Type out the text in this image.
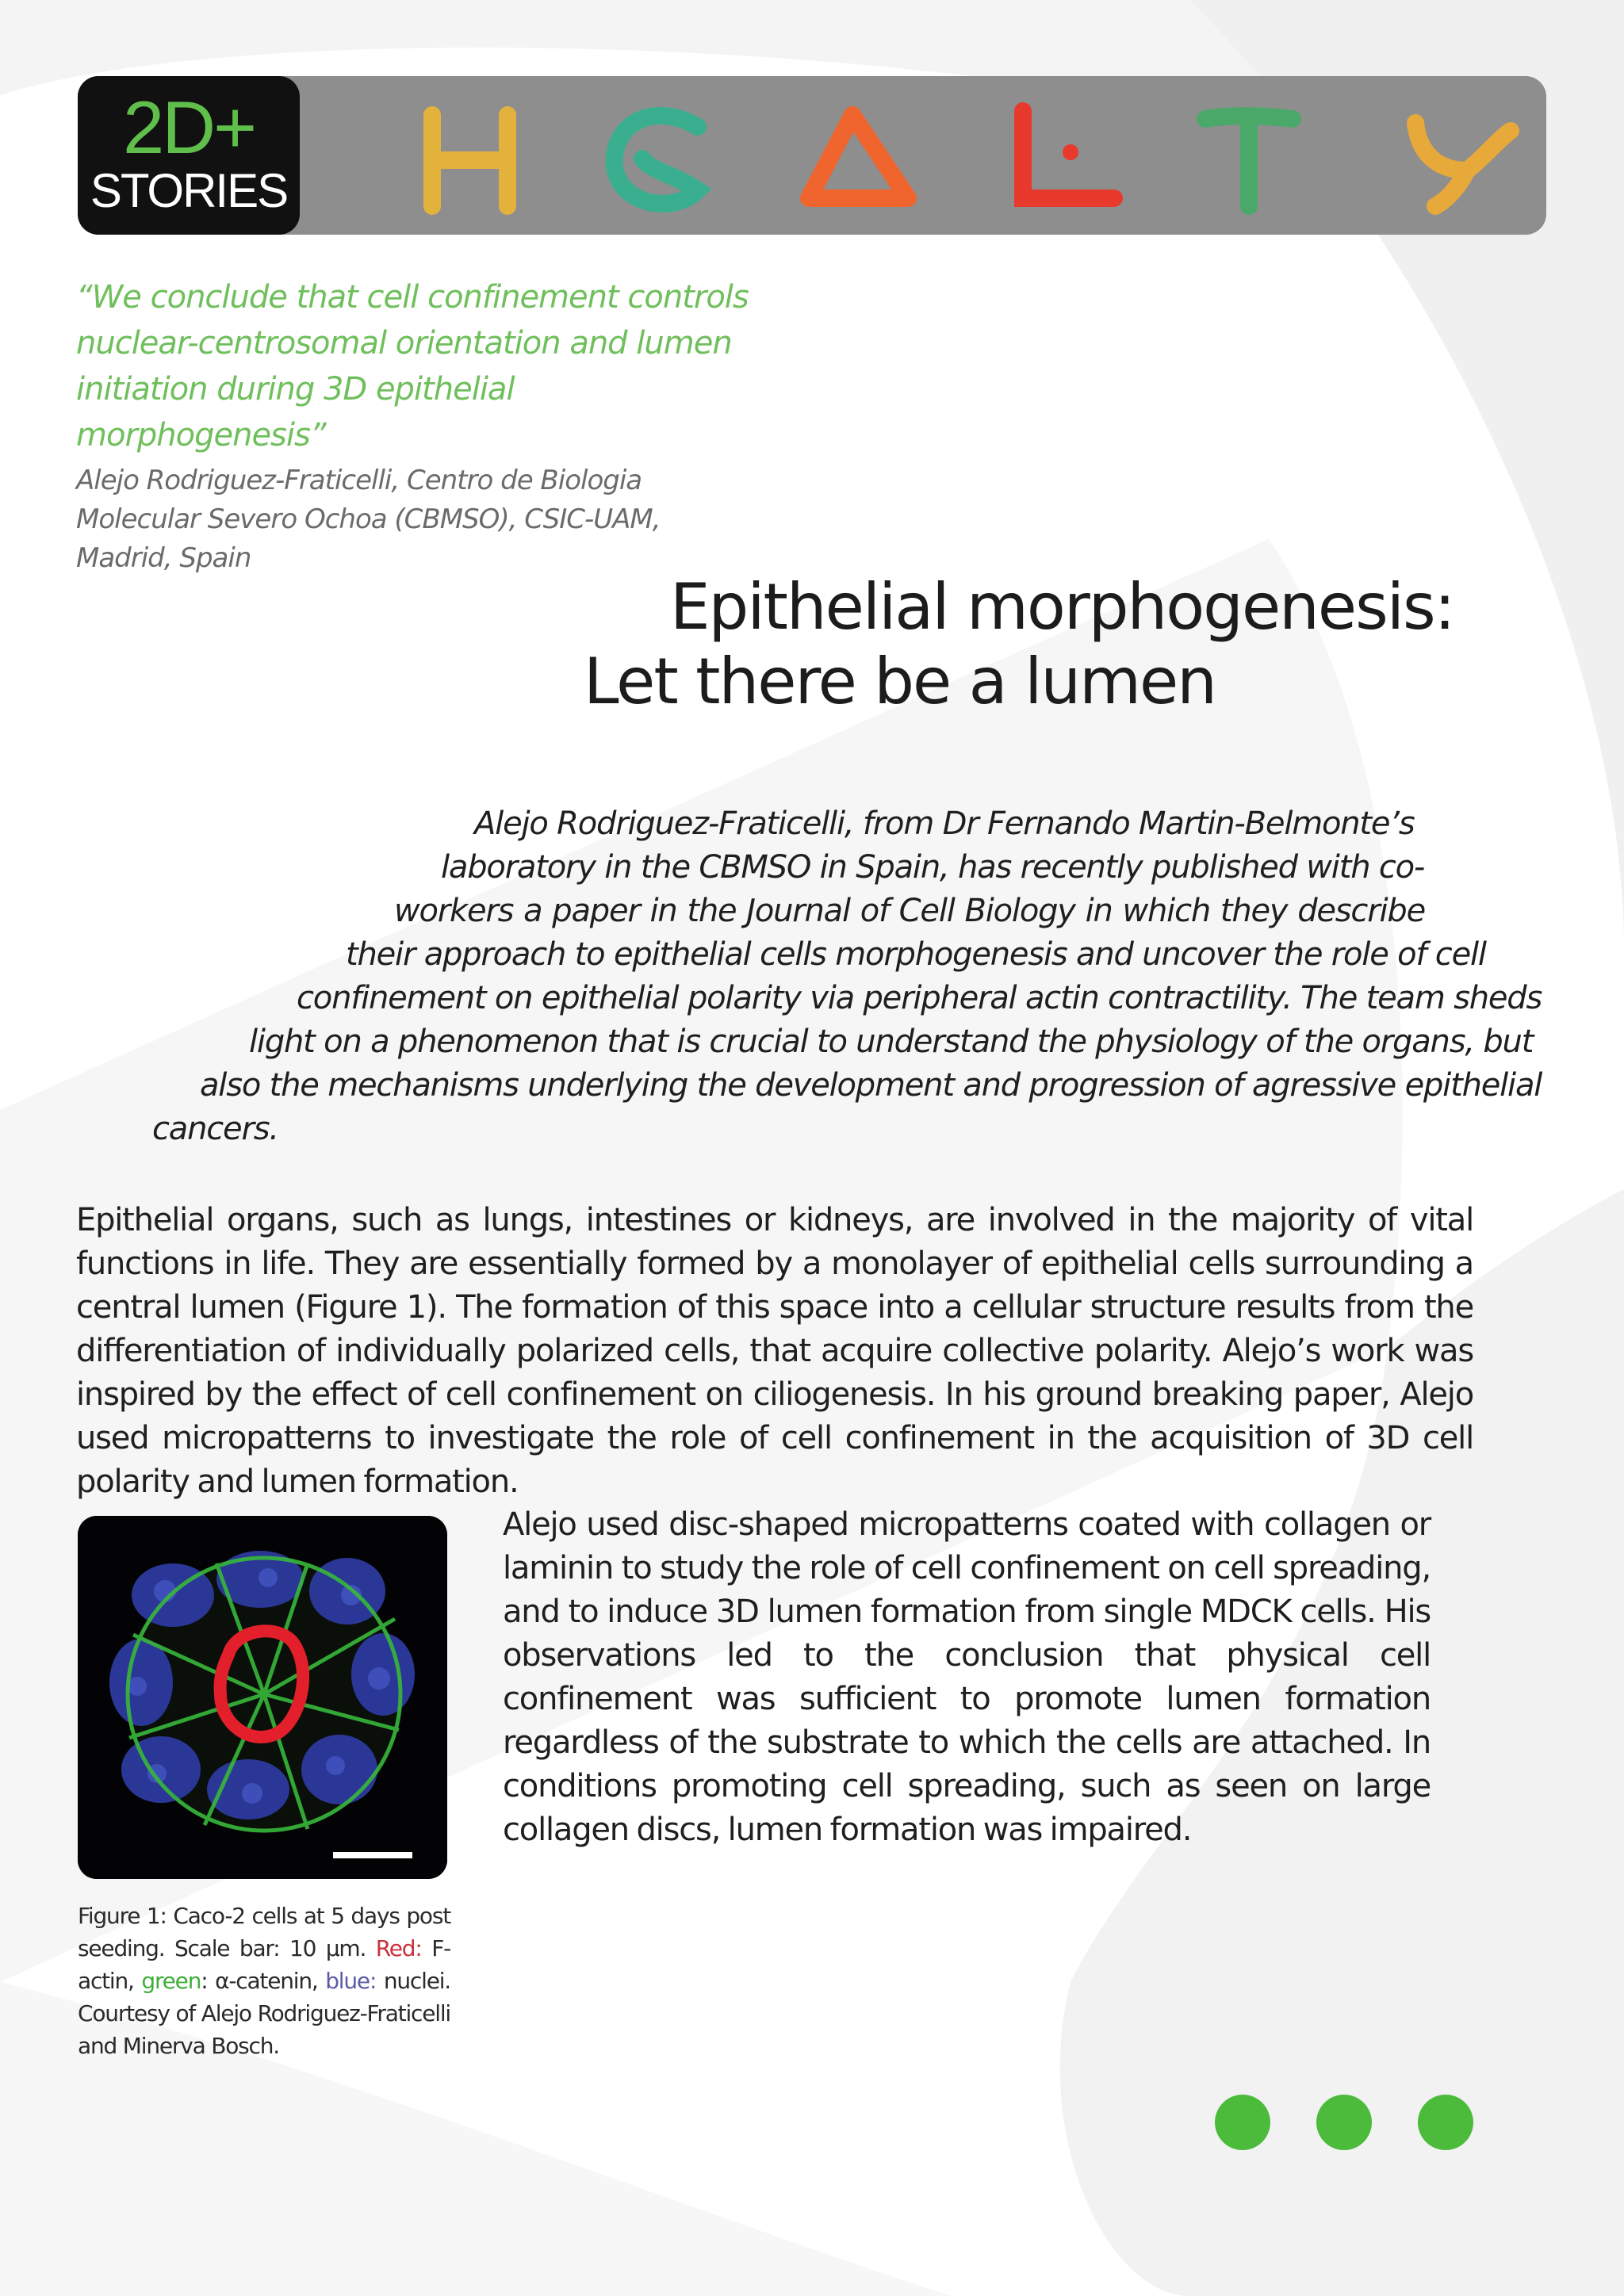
2D+
STORIES
“We conclude that cell confinement controls
nuclear-centrosomal orientation and lumen
initiation during 3D epithelial morphogenesis”
Alejo Rodriguez-Fraticelli, Centro de Biologia
Molecular Severo Ochoa (CBMSO), CSIC-UAM,
Madrid, Spain
Epithelial morphogenesis:
Let there be a lumen
Alejo Rodriguez-Fraticelli, from Dr Fernando Martin-Belmonte’s
laboratory in the CBMSO in Spain, has recently published with co-
workers a paper in the Journal of Cell Biology in which they describe
their approach to epithelial cells morphogenesis and uncover the role of cell
confinement on epithelial polarity via peripheral actin contractility. The team sheds
light on a phenomenon that is crucial to understand the physiology of the organs, but
also the mechanisms underlying the development and progression of agressive epithelial
cancers.
Epithelial organs, such as lungs, intestines or kidneys, are involved in the majority of vital functions in life. They are essentially formed by a monolayer of epithelial cells surrounding a central lumen (Figure 1). The formation of this space into a cellular structure results from the differentiation of individually polarized cells, that acquire collective polarity. Alejo’s work was inspired by the effect of cell confinement on ciliogenesis. In his ground breaking paper, Alejo used micropatterns to investigate the role of cell confinement in the acquisition of 3D cell polarity and lumen formation.
Figure 1: Caco-2 cells at 5 days post seeding. Scale bar: 10 μm. Red: F-actin, green: α-catenin, blue: nuclei. Courtesy of Alejo Rodriguez-Fraticelli and Minerva Bosch.
Alejo used disc-shaped micropatterns coated with collagen or laminin to study the role of cell confinement on cell spreading, and to induce 3D lumen formation from single MDCK cells. His observations led to the conclusion that physical cell confinement was sufficient to promote lumen formation regardless of the substrate to which the cells are attached. In conditions promoting cell spreading, such as seen on large collagen discs, lumen formation was impaired.
